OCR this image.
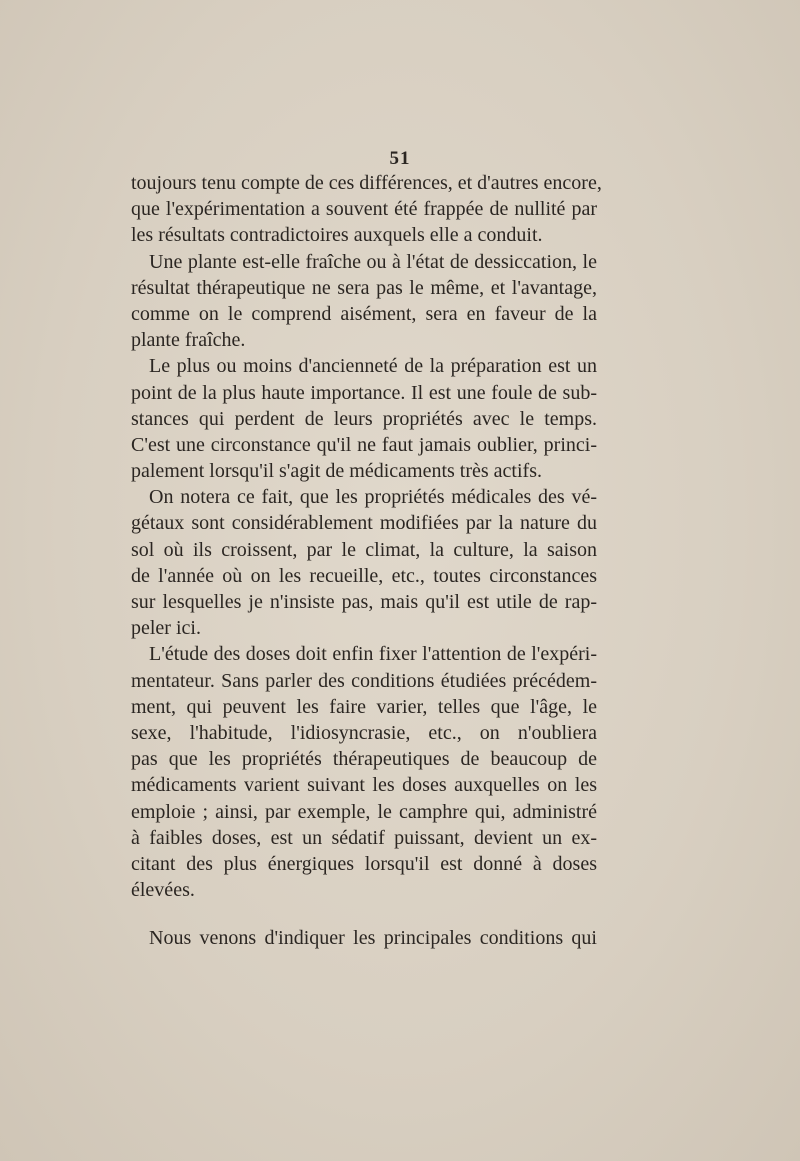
51
toujours tenu compte de ces différences, et d'autres encore,
que l'expérimentation a souvent été frappée de nullité par
les résultats contradictoires auxquels elle a conduit.
Une plante est-elle fraîche ou à l'état de dessiccation, le
résultat thérapeutique ne sera pas le même, et l'avantage,
comme on le comprend aisément, sera en faveur de la
plante fraîche.
Le plus ou moins d'ancienneté de la préparation est un
point de la plus haute importance. Il est une foule de sub-
stances qui perdent de leurs propriétés avec le temps.
C'est une circonstance qu'il ne faut jamais oublier, princi-
palement lorsqu'il s'agit de médicaments très actifs.
On notera ce fait, que les propriétés médicales des vé-
gétaux sont considérablement modifiées par la nature du
sol où ils croissent, par le climat, la culture, la saison
de l'année où on les recueille, etc., toutes circonstances
sur lesquelles je n'insiste pas, mais qu'il est utile de rap-
peler ici.
L'étude des doses doit enfin fixer l'attention de l'expéri-
mentateur. Sans parler des conditions étudiées précédem-
ment, qui peuvent les faire varier, telles que l'âge, le
sexe, l'habitude, l'idiosyncrasie, etc., on n'oubliera
pas que les propriétés thérapeutiques de beaucoup de
médicaments varient suivant les doses auxquelles on les
emploie ; ainsi, par exemple, le camphre qui, administré
à faibles doses, est un sédatif puissant, devient un ex-
citant des plus énergiques lorsqu'il est donné à doses
élevées.
Nous venons d'indiquer les principales conditions qui
